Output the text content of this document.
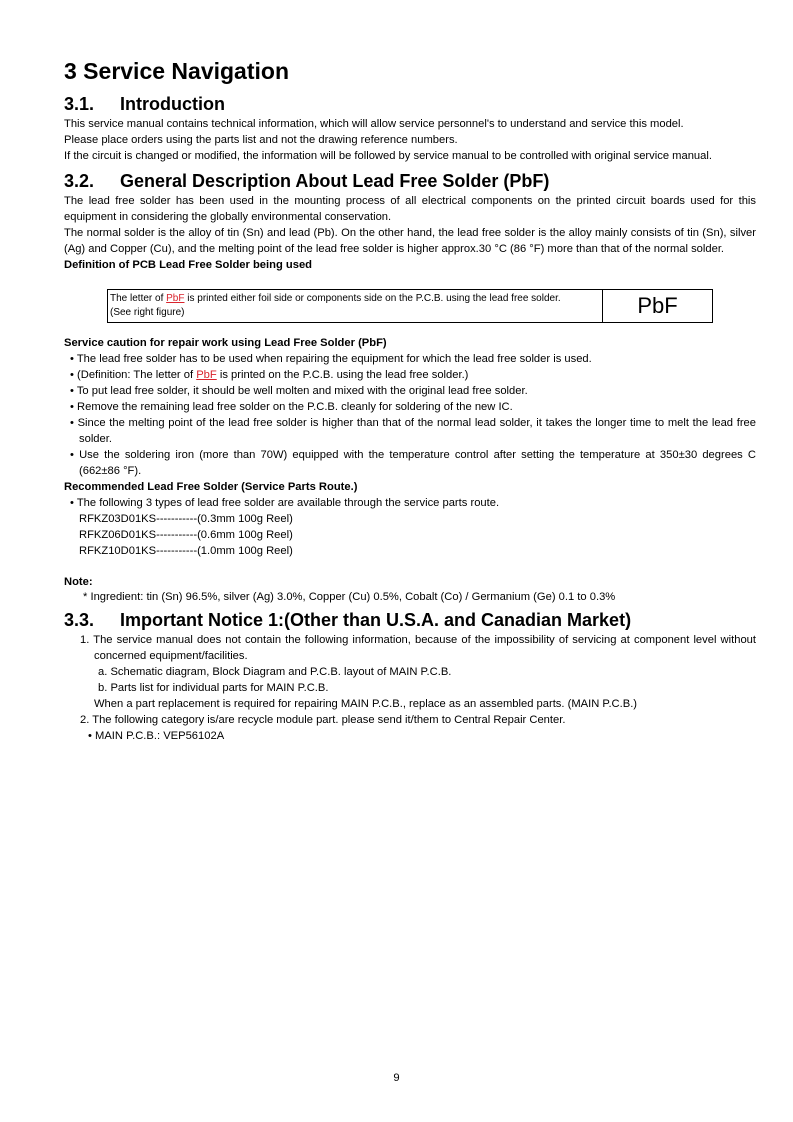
3 Service Navigation
3.1. Introduction

This service manual contains technical information, which will allow service personnel's to understand and service this model.

Please place orders using the parts list and not the drawing reference numbers.

If the circuit is changed or modified, the information will be followed by service manual to be controlled with original service manual.

3.2. General Description About Lead Free Solder (PbF)

The lead free solder has been used in the mounting process of all electrical components on the printed circuit boards used for this equipment in considering the globally environmental conservation.

The normal solder is the alloy of tin (Sn) and lead (Pb). On the other hand, the lead free solder is the alloy mainly consists of tin (Sn), silver (Ag) and Copper (Cu), and the melting point of the lead free solder is higher approx.30 °C (86 °F) more than that of the normal solder.

Definition of PCB Lead Free Solder being used

The letter of PbF is printed either foil side or components side on the P.C.B. using the lead free solder.
(See right figure)	PbF

Service caution for repair work using Lead Free Solder (PbF)

• The lead free solder has to be used when repairing the equipment for which the lead free solder is used.
• (Definition: The letter of PbF is printed on the P.C.B. using the lead free solder.)
• To put lead free solder, it should be well molten and mixed with the original lead free solder.
• Remove the remaining lead free solder on the P.C.B. cleanly for soldering of the new IC.
• Since the melting point of the lead free solder is higher than that of the normal lead solder, it takes the longer time to melt the lead free solder.
• Use the soldering iron (more than 70W) equipped with the temperature control after setting the temperature at 350±30 degrees C (662±86 °F).

Recommended Lead Free Solder (Service Parts Route.)

• The following 3 types of lead free solder are available through the service parts route.

RFKZ03D01KS-----------(0.3mm 100g Reel)

RFKZ06D01KS-----------(0.6mm 100g Reel)

RFKZ10D01KS-----------(1.0mm 100g Reel)

Note:

* Ingredient: tin (Sn) 96.5%, silver (Ag) 3.0%, Copper (Cu) 0.5%, Cobalt (Co) / Germanium (Ge) 0.1 to 0.3%

3.3. Important Notice 1:(Other than U.S.A. and Canadian Market)
1. The service manual does not contain the following information, because of the impossibility of servicing at component level without concerned equipment/facilities.
a. Schematic diagram, Block Diagram and P.C.B. layout of MAIN P.C.B.
b. Parts list for individual parts for MAIN P.C.B.
When a part replacement is required for repairing MAIN P.C.B., replace as an assembled parts. (MAIN P.C.B.)
2. The following category is/are recycle module part. please send it/them to Central Repair Center.
• MAIN P.C.B.: VEP56102A
9
